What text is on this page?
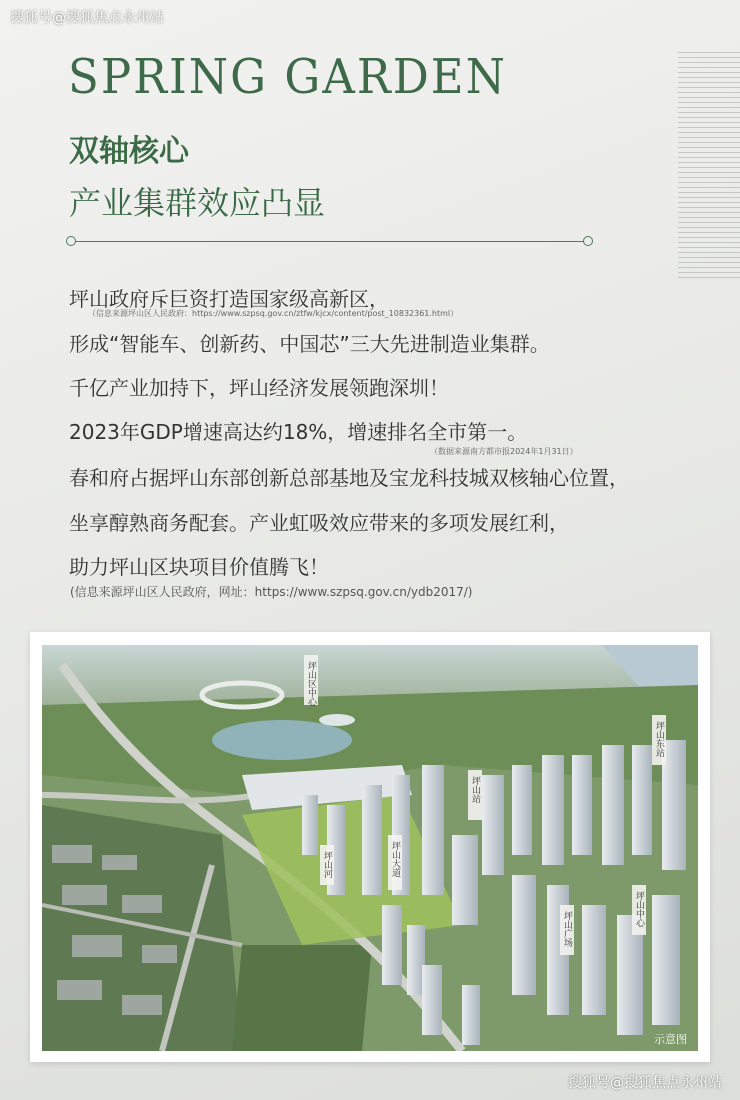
搜狐号@搜狐焦点永州站
SPRING GARDEN
双轴核心
产业集群效应凸显
坪山政府斥巨资打造国家级高新区，
（信息来源坪山区人民政府：https://www.szpsq.gov.cn/ztfw/kjcx/content/post_10832361.html）
形成“智能车、创新药、中国芯”三大先进制造业集群。
千亿产业加持下，坪山经济发展领跑深圳！
2023年GDP增速高达约18%，增速排名全市第一。
（数据来源南方都市报2024年1月31日）
春和府占据坪山东部创新总部基地及宝龙科技城双核轴心位置，
坐享醇熟商务配套。产业虹吸效应带来的多项发展红利，
助力坪山区块项目价值腾飞！
(信息来源坪山区人民政府，网址：https://www.szpsq.gov.cn/ydb2017/)
坪山区中心
坪山站
坪山大道
坪山广场
坪山中心
坪山东站
坪山河
示意图
搜狐号@搜狐焦点永州站
